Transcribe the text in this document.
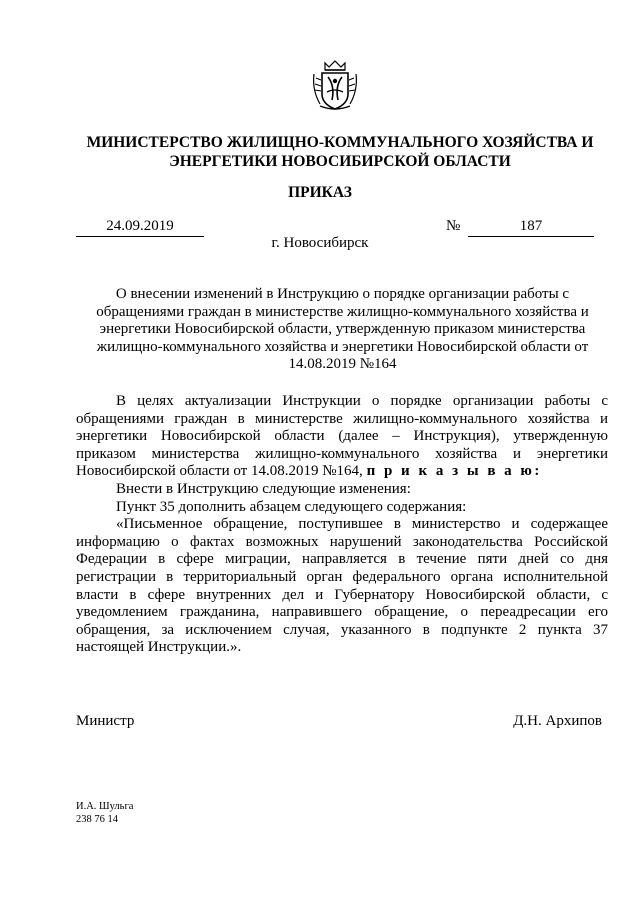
МИНИСТЕРСТВО ЖИЛИЩНО-КОММУНАЛЬНОГО ХОЗЯЙСТВА И
ЭНЕРГЕТИКИ НОВОСИБИРСКОЙ ОБЛАСТИ
ПРИКАЗ
24.09.2019	№	187
г. Новосибирск
О внесении изменений в Инструкцию о порядке организации работы с обращениями граждан в министерстве жилищно-коммунального хозяйства и энергетики Новосибирской области, утвержденную приказом министерства жилищно-коммунального хозяйства и энергетики Новосибирской области от 14.08.2019 №164

В целях актуализации Инструкции о порядке организации работы с обращениями граждан в министерстве жилищно-коммунального хозяйства и энергетики Новосибирской области (далее – Инструкция), утвержденную приказом министерства жилищно-коммунального хозяйства и энергетики Новосибирской области от 14.08.2019 №164, п р и к а з ы в а ю:

Внести в Инструкцию следующие изменения:

Пункт 35 дополнить абзацем следующего содержания:

«Письменное обращение, поступившее в министерство и содержащее информацию о фактах возможных нарушений законодательства Российской Федерации в сфере миграции, направляется в течение пяти дней со дня регистрации в территориальный орган федерального органа исполнительной власти в сфере внутренних дел и Губернатору Новосибирской области, с уведомлением гражданина, направившего обращение, о переадресации его обращения, за исключением случая, указанного в подпункте 2 пункта 37 настоящей Инструкции.».

Министр	Д.Н. Архипов
И.А. Шульга
238 76 14
